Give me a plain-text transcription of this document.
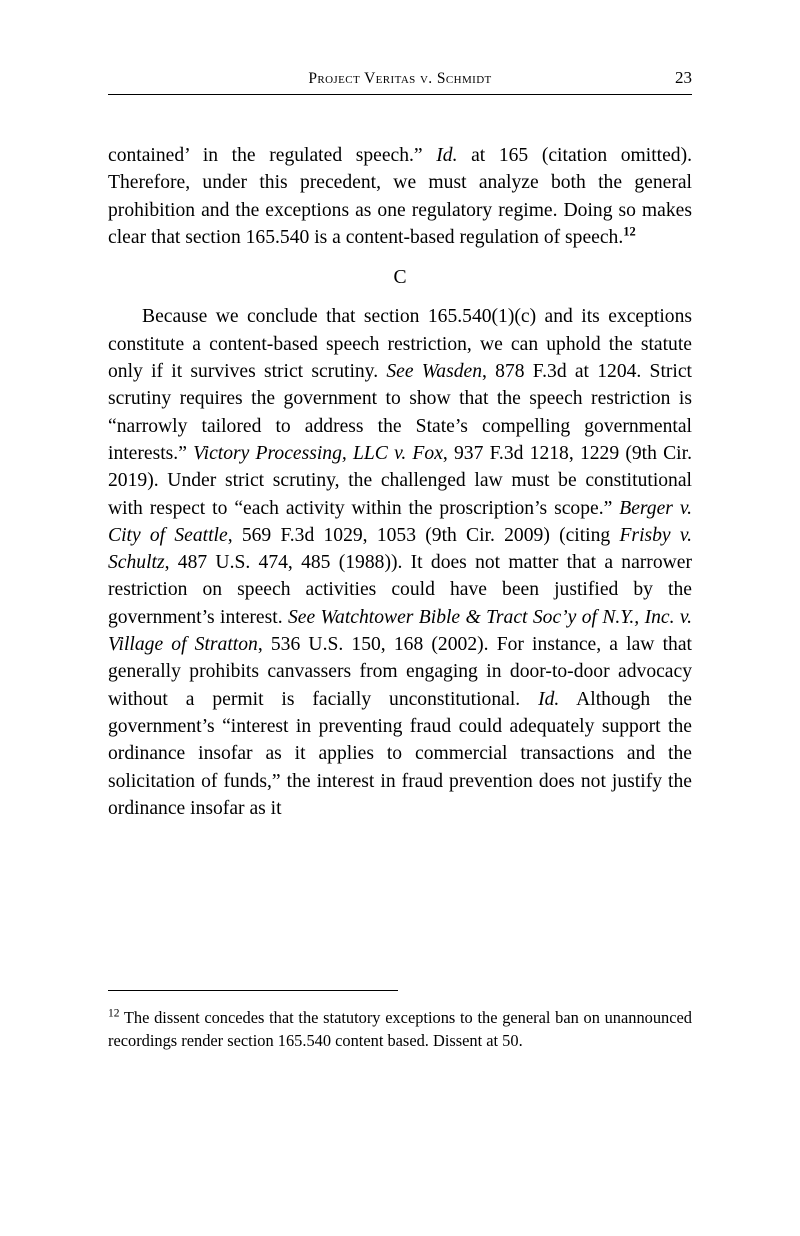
Project Veritas v. Schmidt	23

contained’ in the regulated speech.” Id. at 165 (citation omitted). Therefore, under this precedent, we must analyze both the general prohibition and the exceptions as one regulatory regime. Doing so makes clear that section 165.540 is a content-based regulation of speech.$^{12}$

C

Because we conclude that section 165.540(1)(c) and its exceptions constitute a content-based speech restriction, we can uphold the statute only if it survives strict scrutiny. See Wasden, 878 F.3d at 1204. Strict scrutiny requires the government to show that the speech restriction is “narrowly tailored to address the State’s compelling governmental interests.” Victory Processing, LLC v. Fox, 937 F.3d 1218, 1229 (9th Cir. 2019). Under strict scrutiny, the challenged law must be constitutional with respect to “each activity within the proscription’s scope.” Berger v. City of Seattle, 569 F.3d 1029, 1053 (9th Cir. 2009) (citing Frisby v. Schultz, 487 U.S. 474, 485 (1988)). It does not matter that a narrower restriction on speech activities could have been justified by the government’s interest. See Watchtower Bible & Tract Soc’y of N.Y., Inc. v. Village of Stratton, 536 U.S. 150, 168 (2002). For instance, a law that generally prohibits canvassers from engaging in door-to-door advocacy without a permit is facially unconstitutional. Id. Although the government’s “interest in preventing fraud could adequately support the ordinance insofar as it applies to commercial transactions and the solicitation of funds,” the interest in fraud prevention does not justify the ordinance insofar as it

$^{12}$ The dissent concedes that the statutory exceptions to the general ban on unannounced recordings render section 165.540 content based. Dissent at 50.
